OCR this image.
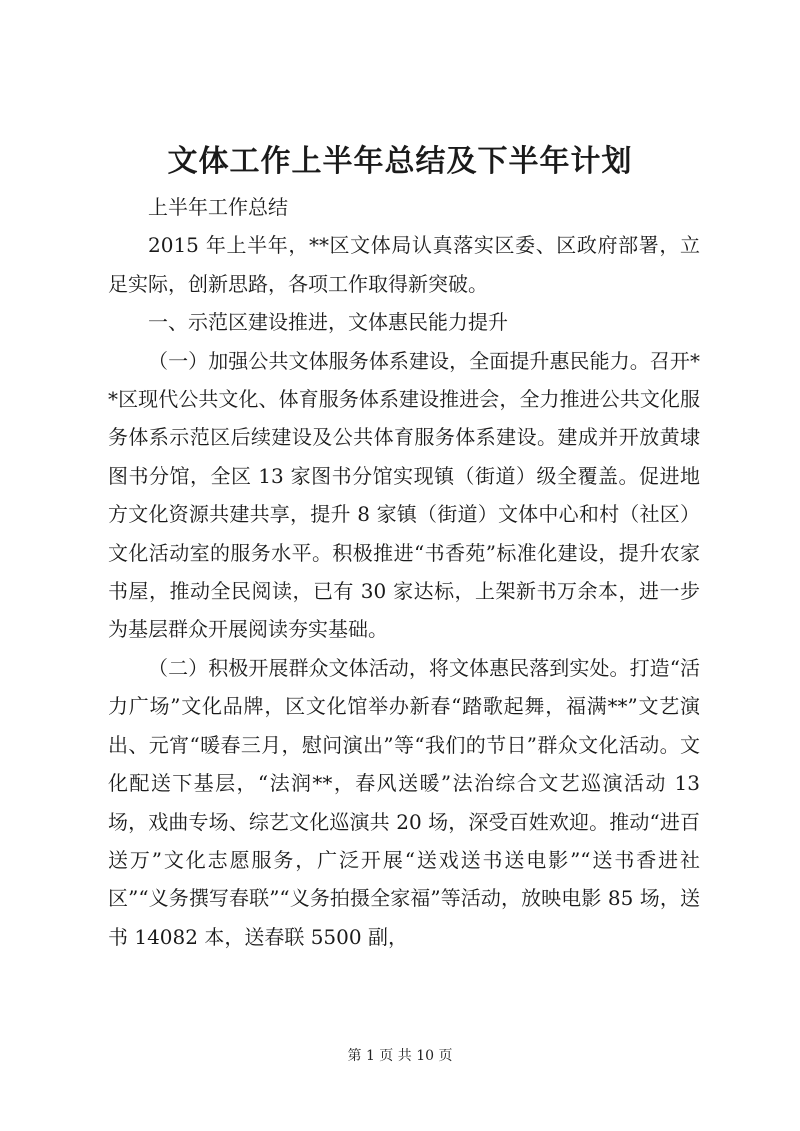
文体工作上半年总结及下半年计划

上半年工作总结

2015 年上半年，**区文体局认真落实区委、区政府部署，立足实际，创新思路，各项工作取得新突破。

一、示范区建设推进，文体惠民能力提升

（一）加强公共文体服务体系建设，全面提升惠民能力。召开**区现代公共文化、体育服务体系建设推进会，全力推进公共文化服务体系示范区后续建设及公共体育服务体系建设。建成并开放黄埭图书分馆，全区 13 家图书分馆实现镇（街道）级全覆盖。促进地方文化资源共建共享，提升 8 家镇（街道）文体中心和村（社区）文化活动室的服务水平。积极推进“书香苑”标准化建设，提升农家书屋，推动全民阅读，已有 30 家达标，上架新书万余本，进一步为基层群众开展阅读夯实基础。

（二）积极开展群众文体活动，将文体惠民落到实处。打造“活力广场”文化品牌，区文化馆举办新春“踏歌起舞，福满**”文艺演出、元宵“暖春三月，慰问演出”等“我们的节日”群众文化活动。文化配送下基层，“法润**，春风送暖”法治综合文艺巡演活动 13 场，戏曲专场、综艺文化巡演共 20 场，深受百姓欢迎。推动“进百送万”文化志愿服务，广泛开展“送戏送书送电影”“送书香进社区”“义务撰写春联”“义务拍摄全家福”等活动，放映电影 85 场，送书 14082 本，送春联 5500 副，

第 1 页 共 10 页
